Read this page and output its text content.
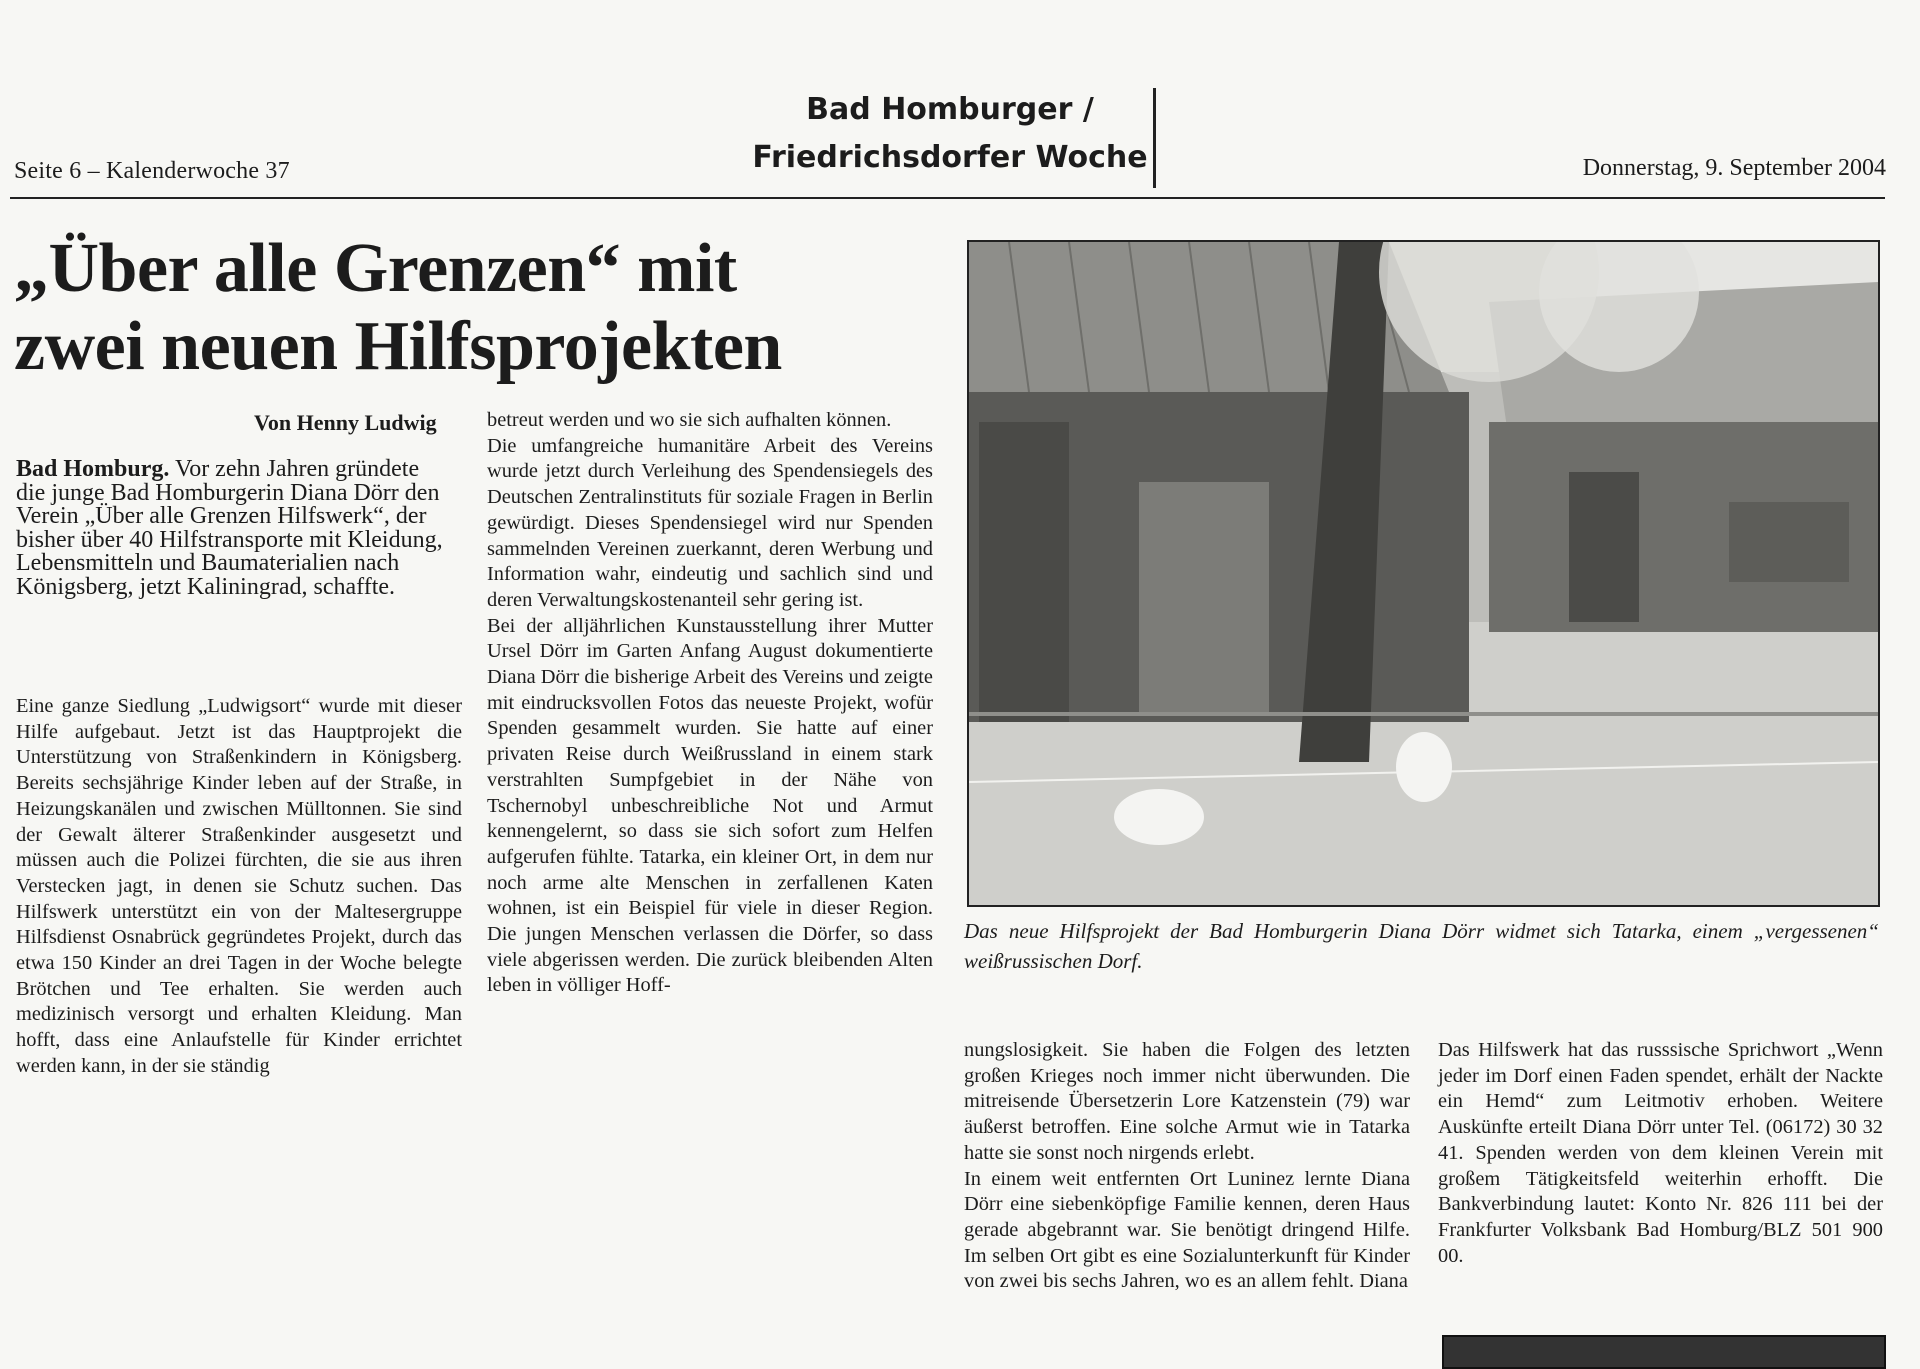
Seite 6 – Kalenderwoche 37
Bad Homburger /
Friedrichsdorfer Woche	Donnerstag, 9. September 2004
„Über alle Grenzen“ mit
zwei neuen Hilfsprojekten
Von Henny Ludwig

Bad Homburg. Vor zehn Jahren gründete die junge Bad Homburgerin Diana Dörr den Verein „Über alle Grenzen Hilfswerk“, der bisher über 40 Hilfstransporte mit Kleidung, Lebensmitteln und Baumaterialien nach Königsberg, jetzt Kaliningrad, schaffte.

Eine ganze Siedlung „Ludwigsort“ wurde mit dieser Hilfe aufgebaut. Jetzt ist das Hauptprojekt die Unterstützung von Straßenkindern in Königsberg. Bereits sechsjährige Kinder leben auf der Straße, in Heizungskanälen und zwischen Mülltonnen. Sie sind der Gewalt älterer Straßenkinder ausgesetzt und müssen auch die Polizei fürchten, die sie aus ihren Verstecken jagt, in denen sie Schutz suchen. Das Hilfswerk unterstützt ein von der Maltesergruppe Hilfsdienst Osnabrück gegründetes Projekt, durch das etwa 150 Kinder an drei Tagen in der Woche belegte Brötchen und Tee erhalten. Sie werden auch medizinisch versorgt und erhalten Kleidung. Man hofft, dass eine Anlaufstelle für Kinder errichtet werden kann, in der sie ständig

betreut werden und wo sie sich aufhalten können.

Die umfangreiche humanitäre Arbeit des Vereins wurde jetzt durch Verleihung des Spendensiegels des Deutschen Zentralinstituts für soziale Fragen in Berlin gewürdigt. Dieses Spendensiegel wird nur Spenden sammelnden Vereinen zuerkannt, deren Werbung und Information wahr, eindeutig und sachlich sind und deren Verwaltungskostenanteil sehr gering ist.

Bei der alljährlichen Kunstausstellung ihrer Mutter Ursel Dörr im Garten Anfang August dokumentierte Diana Dörr die bisherige Arbeit des Vereins und zeigte mit eindrucksvollen Fotos das neueste Projekt, wofür Spenden gesammelt wurden. Sie hatte auf einer privaten Reise durch Weißrussland in einem stark verstrahlten Sumpfgebiet in der Nähe von Tschernobyl unbeschreibliche Not und Armut kennengelernt, so dass sie sich sofort zum Helfen aufgerufen fühlte. Tatarka, ein kleiner Ort, in dem nur noch arme alte Menschen in zerfallenen Katen wohnen, ist ein Beispiel für viele in dieser Region. Die jungen Menschen verlassen die Dörfer, so dass viele abgerissen werden. Die zurück bleibenden Alten leben in völliger Hoff-

Das neue Hilfsprojekt der Bad Homburgerin Diana Dörr widmet sich Tatarka, einem „vergessenen“ weißrussischen Dorf.

nungslosigkeit. Sie haben die Folgen des letzten großen Krieges noch immer nicht überwunden. Die mitreisende Übersetzerin Lore Katzenstein (79) war äußerst betroffen. Eine solche Armut wie in Tatarka hatte sie sonst noch nirgends erlebt.

In einem weit entfernten Ort Luninez lernte Diana Dörr eine siebenköpfige Familie kennen, deren Haus gerade abgebrannt war. Sie benötigt dringend Hilfe. Im selben Ort gibt es eine Sozialunterkunft für Kinder von zwei bis sechs Jahren, wo es an allem fehlt. Diana

Das Hilfswerk hat das russsische Sprichwort „Wenn jeder im Dorf einen Faden spendet, erhält der Nackte ein Hemd“ zum Leitmotiv erhoben. Weitere Auskünfte erteilt Diana Dörr unter Tel. (06172) 30 32 41. Spenden werden von dem kleinen Verein mit großem Tätigkeitsfeld weiterhin erhofft. Die Bankverbindung lautet: Konto Nr. 826 111 bei der Frankfurter Volksbank Bad Homburg/BLZ 501 900 00.
